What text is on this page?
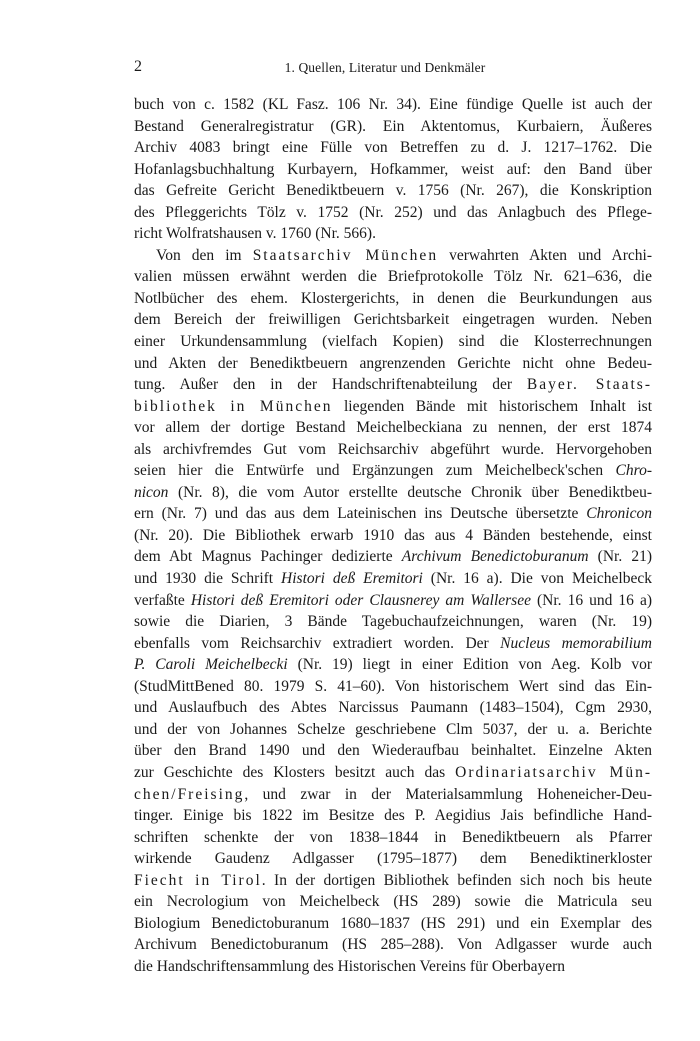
2	1. Quellen, Literatur und Denkmäler
buch von c. 1582 (KL Fasz. 106 Nr. 34). Eine fündige Quelle ist auch der
Bestand Generalregistratur (GR). Ein Aktentomus, Kurbaiern, Äußeres
Archiv 4083 bringt eine Fülle von Betreffen zu d. J. 1217–1762. Die
Hofanlagsbuchhaltung Kurbayern, Hofkammer, weist auf: den Band über
das Gefreite Gericht Benediktbeuern v. 1756 (Nr. 267), die Konskription
des Pfleggerichts Tölz v. 1752 (Nr. 252) und das Anlagbuch des Pflege-
richt Wolfratshausen v. 1760 (Nr. 566).
Von den im Staatsarchiv München verwahrten Akten und Archi-
valien müssen erwähnt werden die Briefprotokolle Tölz Nr. 621–636, die
Notlbücher des ehem. Klostergerichts, in denen die Beurkundungen aus
dem Bereich der freiwilligen Gerichtsbarkeit eingetragen wurden. Neben
einer Urkundensammlung (vielfach Kopien) sind die Klosterrechnungen
und Akten der Benediktbeuern angrenzenden Gerichte nicht ohne Bedeu-
tung. Außer den in der Handschriftenabteilung der Bayer. Staats-
bibliothek in München liegenden Bände mit historischem Inhalt ist
vor allem der dortige Bestand Meichelbeckiana zu nennen, der erst 1874
als archivfremdes Gut vom Reichsarchiv abgeführt wurde. Hervorgehoben
seien hier die Entwürfe und Ergänzungen zum Meichelbeck'schen Chro-
nicon (Nr. 8), die vom Autor erstellte deutsche Chronik über Benediktbeu-
ern (Nr. 7) und das aus dem Lateinischen ins Deutsche übersetzte Chronicon
(Nr. 20). Die Bibliothek erwarb 1910 das aus 4 Bänden bestehende, einst
dem Abt Magnus Pachinger dedizierte Archivum Benedictoburanum (Nr. 21)
und 1930 die Schrift Histori deß Eremitori (Nr. 16 a). Die von Meichelbeck
verfaßte Histori deß Eremitori oder Clausnerey am Wallersee (Nr. 16 und 16 a)
sowie die Diarien, 3 Bände Tagebuchaufzeichnungen, waren (Nr. 19)
ebenfalls vom Reichsarchiv extradiert worden. Der Nucleus memorabilium
P. Caroli Meichelbecki (Nr. 19) liegt in einer Edition von Aeg. Kolb vor
(StudMittBened 80. 1979 S. 41–60). Von historischem Wert sind das Ein-
und Auslaufbuch des Abtes Narcissus Paumann (1483–1504), Cgm 2930,
und der von Johannes Schelze geschriebene Clm 5037, der u. a. Berichte
über den Brand 1490 und den Wiederaufbau beinhaltet. Einzelne Akten
zur Geschichte des Klosters besitzt auch das Ordinariatsarchiv Mün-
chen/Freising, und zwar in der Materialsammlung Hoheneicher-Deu-
tinger. Einige bis 1822 im Besitze des P. Aegidius Jais befindliche Hand-
schriften schenkte der von 1838–1844 in Benediktbeuern als Pfarrer
wirkende Gaudenz Adlgasser (1795–1877) dem Benediktinerkloster
Fiecht in Tirol. In der dortigen Bibliothek befinden sich noch bis heute
ein Necrologium von Meichelbeck (HS 289) sowie die Matricula seu
Biologium Benedictoburanum 1680–1837 (HS 291) und ein Exemplar des
Archivum Benedictoburanum (HS 285–288). Von Adlgasser wurde auch
die Handschriftensammlung des Historischen Vereins für Oberbayern
